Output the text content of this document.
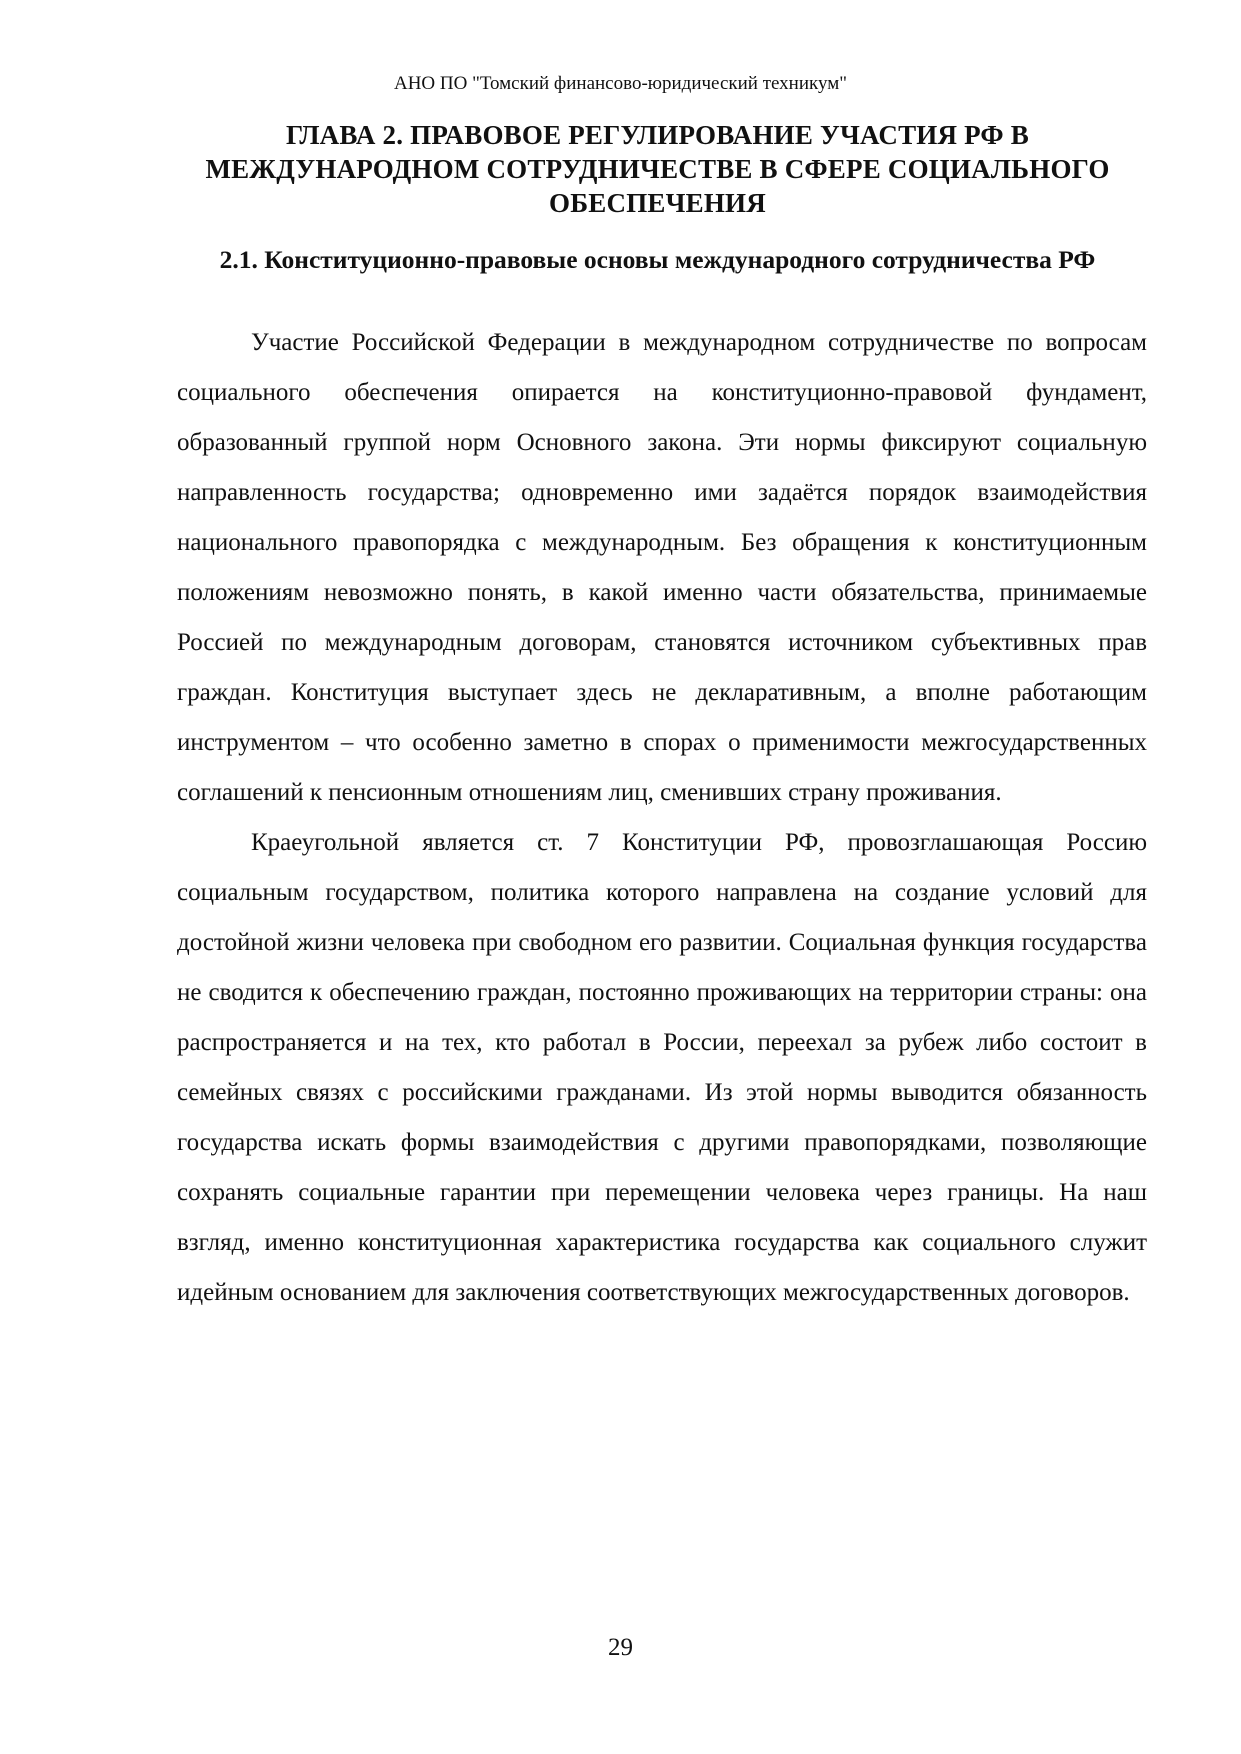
АНО ПО "Томский финансово-юридический техникум"
ГЛАВА 2. ПРАВОВОЕ РЕГУЛИРОВАНИЕ УЧАСТИЯ РФ В МЕЖДУНАРОДНОМ СОТРУДНИЧЕСТВЕ В СФЕРЕ СОЦИАЛЬНОГО ОБЕСПЕЧЕНИЯ
2.1. Конституционно-правовые основы международного сотрудничества РФ

Участие Российской Федерации в международном сотрудничестве по вопросам социального обеспечения опирается на конституционно-правовой фундамент, образованный группой норм Основного закона. Эти нормы фиксируют социальную направленность государства; одновременно ими задаётся порядок взаимодействия национального правопорядка с международным. Без обращения к конституционным положениям невозможно понять, в какой именно части обязательства, принимаемые Россией по международным договорам, становятся источником субъективных прав граждан. Конституция выступает здесь не декларативным, а вполне работающим инструментом – что особенно заметно в спорах о применимости межгосударственных соглашений к пенсионным отношениям лиц, сменивших страну проживания.

Краеугольной является ст. 7 Конституции РФ, провозглашающая Россию социальным государством, политика которого направлена на создание условий для достойной жизни человека при свободном его развитии. Социальная функция государства не сводится к обеспечению граждан, постоянно проживающих на территории страны: она распространяется и на тех, кто работал в России, переехал за рубеж либо состоит в семейных связях с российскими гражданами. Из этой нормы выводится обязанность государства искать формы взаимодействия с другими правопорядками, позволяющие сохранять социальные гарантии при перемещении человека через границы. На наш взгляд, именно конституционная характеристика государства как социального служит идейным основанием для заключения соответствующих межгосударственных договоров.

29
